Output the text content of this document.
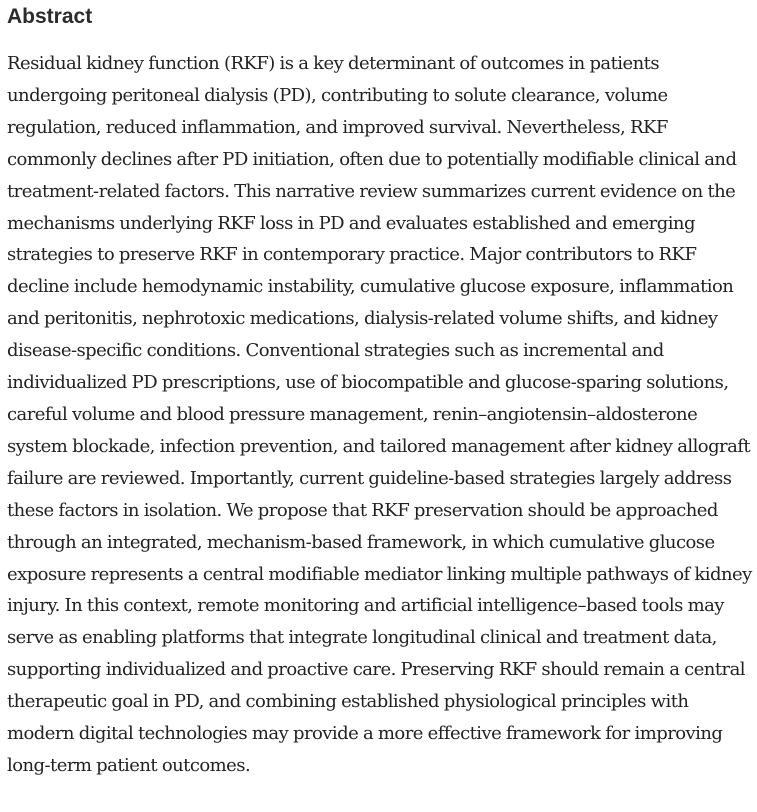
Abstract

Residual kidney function (RKF) is a key determinant of outcomes in patients undergoing peritoneal dialysis (PD), contributing to solute clearance, volume regulation, reduced inflammation, and improved survival. Nevertheless, RKF commonly declines after PD initiation, often due to potentially modifiable clinical and treatment-related factors. This narrative review summarizes current evidence on the mechanisms underlying RKF loss in PD and evaluates established and emerging strategies to preserve RKF in contemporary practice. Major contributors to RKF decline include hemodynamic instability, cumulative glucose exposure, inflammation and peritonitis, nephrotoxic medications, dialysis-related volume shifts, and kidney disease-specific conditions. Conventional strategies such as incremental and individualized PD prescriptions, use of biocompatible and glucose-sparing solutions, careful volume and blood pressure management, renin–angiotensin–aldosterone system blockade, infection prevention, and tailored management after kidney allograft failure are reviewed. Importantly, current guideline-based strategies largely address these factors in isolation. We propose that RKF preservation should be approached through an integrated, mechanism-based framework, in which cumulative glucose exposure represents a central modifiable mediator linking multiple pathways of kidney injury. In this context, remote monitoring and artificial intelligence–based tools may serve as enabling platforms that integrate longitudinal clinical and treatment data, supporting individualized and proactive care. Preserving RKF should remain a central therapeutic goal in PD, and combining established physiological principles with modern digital technologies may provide a more effective framework for improving long-term patient outcomes.
